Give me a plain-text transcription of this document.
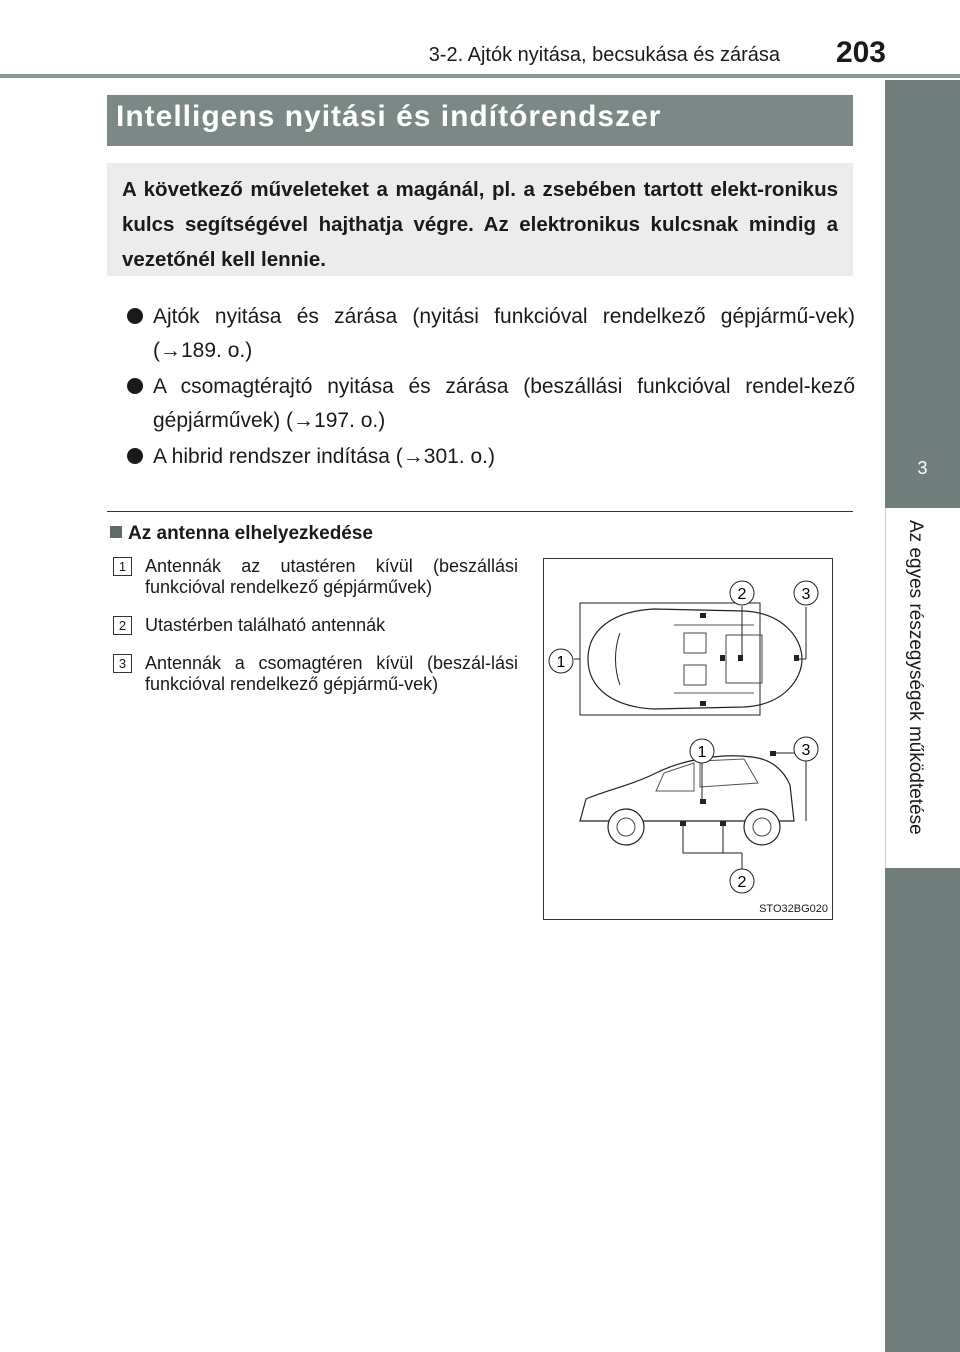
3-2. Ajtók nyitása, becsukása és zárása	203
3
Az egyes részegységek működtetése
Intelligens nyitási és indítórendszer
A következő műveleteket a magánál, pl. a zsebében tartott elekt-ronikus kulcs segítségével hajthatja végre. Az elektronikus kulcsnak mindig a vezetőnél kell lennie.
Ajtók nyitása és zárása (nyitási funkcióval rendelkező gépjármű-vek) (→189. o.)
A csomagtérajtó nyitása és zárása (beszállási funkcióval rendel-kező gépjárművek) (→197. o.)
A hibrid rendszer indítása (→301. o.)
Az antenna elhelyezkedése
1	Antennák az utastéren kívül (beszállási funkcióval rendelkező gépjárművek)
2	Utastérben található antennák
3	Antennák a csomagtéren kívül (beszál-lási funkcióval rendelkező gépjármű-vek)
1
2	3
1
2
3
STO32BG020
